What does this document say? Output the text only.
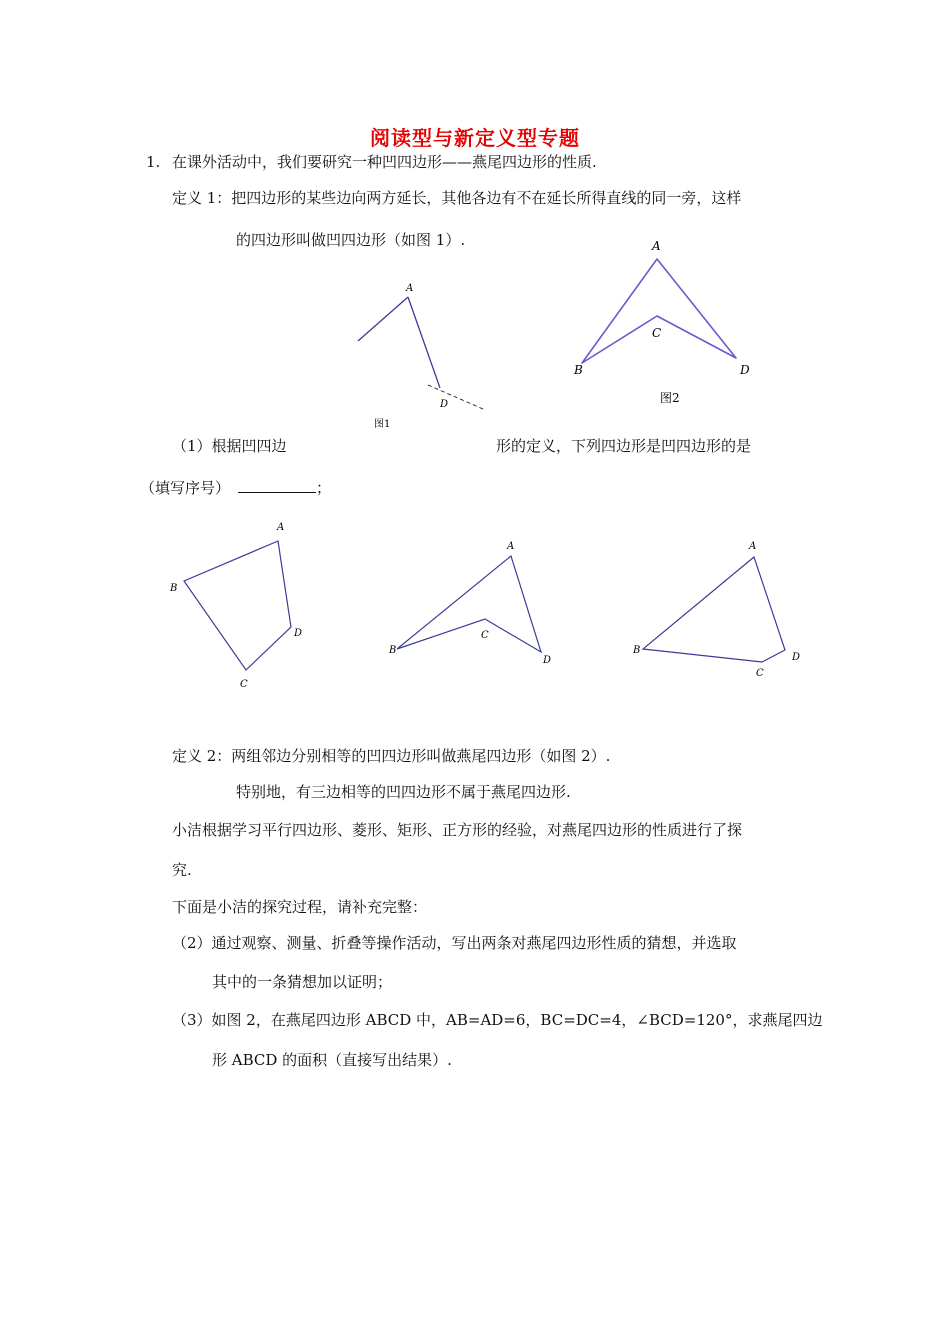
阅读型与新定义型专题
1. 在课外活动中，我们要研究一种凹四边形——燕尾四边形的性质.
定义 1：把四边形的某些边向两方延长，其他各边有不在延长所得直线的同一旁，这样
的四边形叫做凹四边形（如图 1）.
A
D
图1
A
C
B	D
图2
（1）根据凹四边	形的定义，下列四边形是凹四边形的是
（填写序号）	；
A
B
D
C
A
B
C
D
A
B
C
D
定义 2：两组邻边分别相等的凹四边形叫做燕尾四边形（如图 2）.
特别地，有三边相等的凹四边形不属于燕尾四边形.
小洁根据学习平行四边形、菱形、矩形、正方形的经验，对燕尾四边形的性质进行了探
究.
下面是小洁的探究过程，请补充完整：
（2）通过观察、测量、折叠等操作活动，写出两条对燕尾四边形性质的猜想，并选取
其中的一条猜想加以证明；
（3）如图 2，在燕尾四边形 ABCD 中，AB=AD=6，BC=DC=4，∠BCD=120°，求燕尾四边
形 ABCD 的面积（直接写出结果）.
